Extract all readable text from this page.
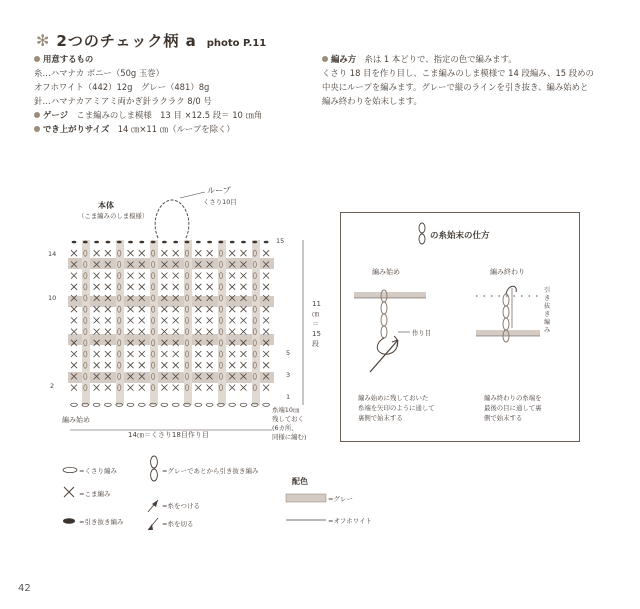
✻ 2つのチェック柄 a photo P.11
用意するもの
糸…ハマナカ ボニー（50g 玉巻）
オフホワイト（442）12g　グレー（481）8g
針…ハマナカアミアミ両かぎ針ラクラク 8/0 号
ゲージ　 こま編みのしま模様　13 目 ×12.5 段＝ 10 ㎝角
でき上がりサイズ　 14 ㎝×11 ㎝（ループを除く）
編み方　 糸は 1 本どりで、指定の色で編みます。
くさり 18 目を作り目し、こま編みのしま模様で 14 段編み、15 段めの
中央にループを編みます。グレーで縦のラインを引き抜き、編み始めと
編み終わりを始末します。
本体
（こま編みのしま模様）
ループ
くさり10目
15
14
10
5
3
2
1
11
㎝
＝
15
段
14㎝＝くさり18目作り目
編み始め
糸端10㎝
残しておく
(6カ所、
同様に編む)
の糸始末の仕方
編み始め	編み終わり
作り目
引
き
抜
き
編
み
編み始めに残しておいた
糸端を矢印のように通して
裏側で始末する
編み終わりの糸端を
最後の目に通して裏
側で始末する
=くさり編み
=こま編み
=引き抜き編み
=グレーであとから引き抜き編み
=糸をつける
=糸を切る
配色
=グレー
=オフホワイト
42
